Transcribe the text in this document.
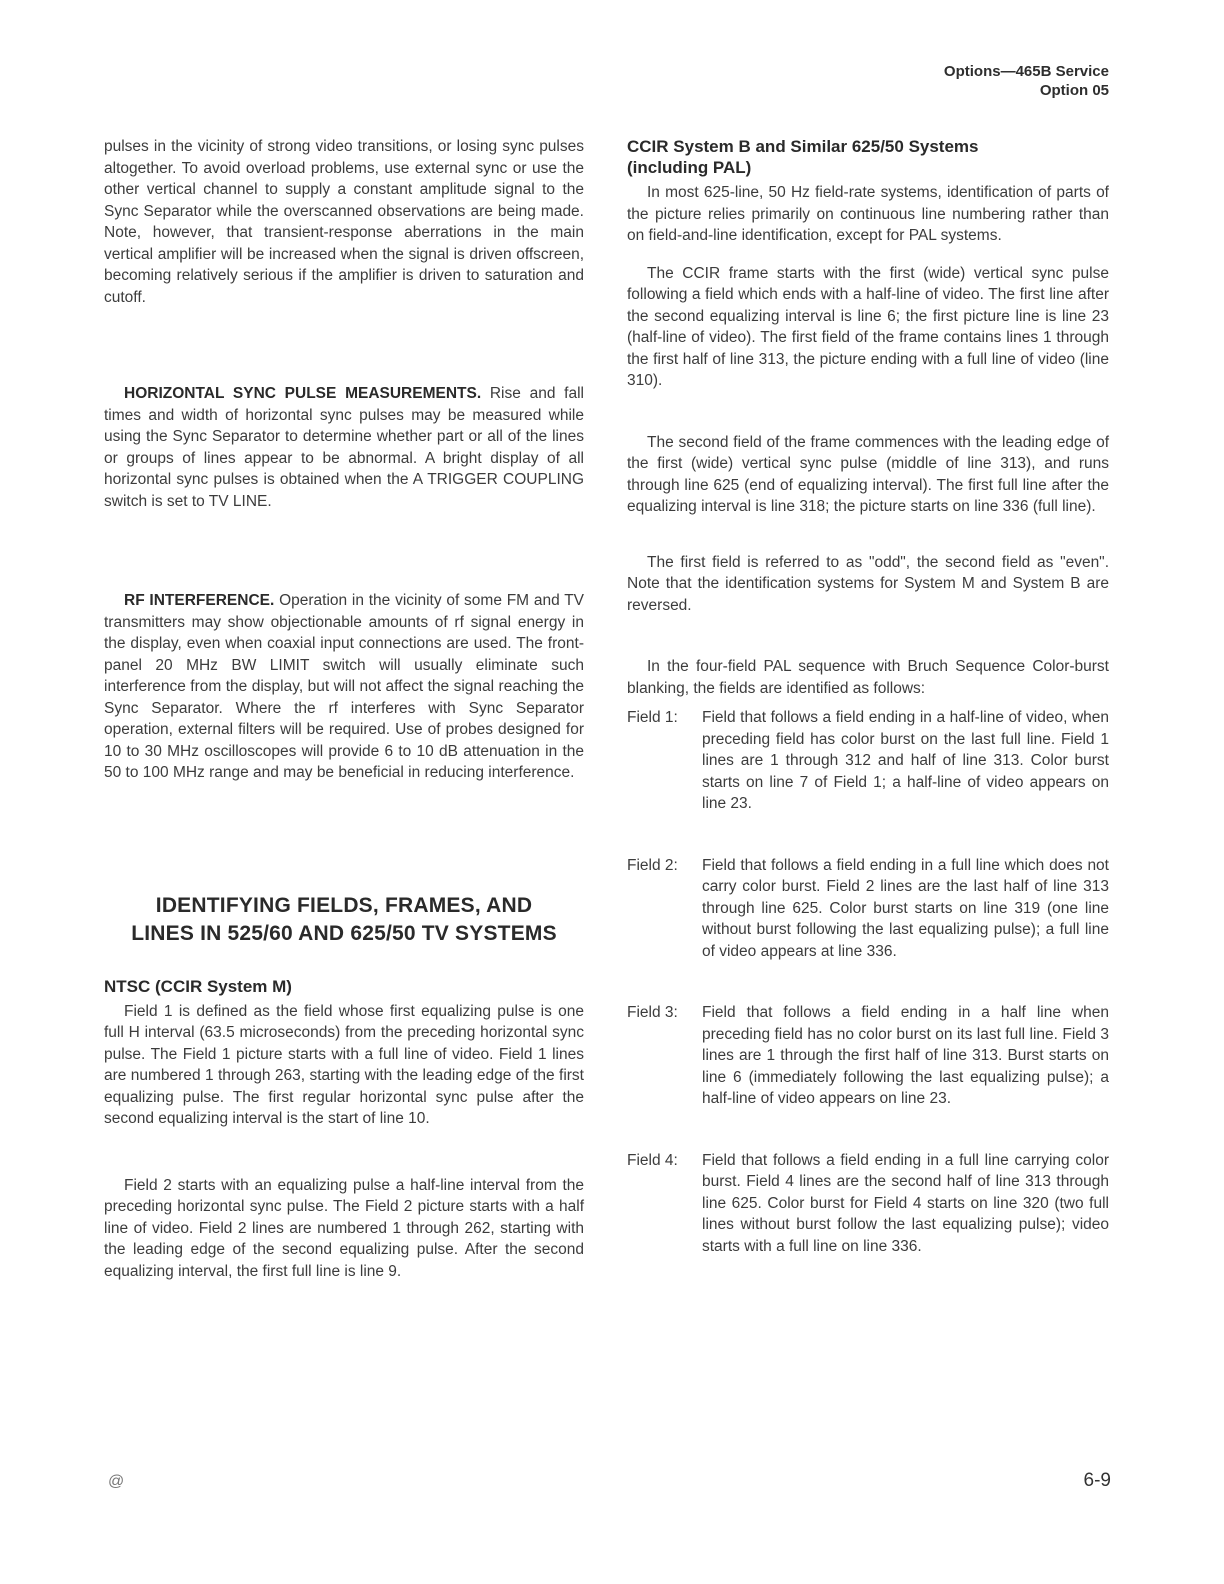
Options—465B Service
Option 05

pulses in the vicinity of strong video transitions, or losing sync pulses altogether. To avoid overload problems, use external sync or use the other vertical channel to supply a constant amplitude signal to the Sync Separator while the overscanned observations are being made. Note, however, that transient-response aberrations in the main vertical amplifier will be increased when the signal is driven offscreen, becoming relatively serious if the amplifier is driven to saturation and cutoff.

HORIZONTAL SYNC PULSE MEASUREMENTS. Rise and fall times and width of horizontal sync pulses may be measured while using the Sync Separator to determine whether part or all of the lines or groups of lines appear to be abnormal. A bright display of all horizontal sync pulses is obtained when the A TRIGGER COUPLING switch is set to TV LINE.

RF INTERFERENCE. Operation in the vicinity of some FM and TV transmitters may show objectionable amounts of rf signal energy in the display, even when coaxial input connections are used. The front-panel 20 MHz BW LIMIT switch will usually eliminate such interference from the display, but will not affect the signal reaching the Sync Separator. Where the rf interferes with Sync Separator operation, external filters will be required. Use of probes designed for 10 to 30 MHz oscilloscopes will provide 6 to 10 dB attenuation in the 50 to 100 MHz range and may be beneficial in reducing interference.

IDENTIFYING FIELDS, FRAMES, AND
LINES IN 525/60 AND 625/50 TV SYSTEMS
NTSC (CCIR System M)

Field 1 is defined as the field whose first equalizing pulse is one full H interval (63.5 microseconds) from the preceding horizontal sync pulse. The Field 1 picture starts with a full line of video. Field 1 lines are numbered 1 through 263, starting with the leading edge of the first equalizing pulse. The first regular horizontal sync pulse after the second equalizing interval is the start of line 10.

Field 2 starts with an equalizing pulse a half-line interval from the preceding horizontal sync pulse. The Field 2 picture starts with a half line of video. Field 2 lines are numbered 1 through 262, starting with the leading edge of the second equalizing pulse. After the second equalizing interval, the first full line is line 9.

CCIR System B and Similar 625/50 Systems
(including PAL)

In most 625-line, 50 Hz field-rate systems, identification of parts of the picture relies primarily on continuous line numbering rather than on field-and-line identification, except for PAL systems.

The CCIR frame starts with the first (wide) vertical sync pulse following a field which ends with a half-line of video. The first line after the second equalizing interval is line 6; the first picture line is line 23 (half-line of video). The first field of the frame contains lines 1 through the first half of line 313, the picture ending with a full line of video (line 310).

The second field of the frame commences with the leading edge of the first (wide) vertical sync pulse (middle of line 313), and runs through line 625 (end of equalizing interval). The first full line after the equalizing interval is line 318; the picture starts on line 336 (full line).

The first field is referred to as "odd", the second field as "even". Note that the identification systems for System M and System B are reversed.

In the four-field PAL sequence with Bruch Sequence Color-burst blanking, the fields are identified as follows:

Field 1:	Field that follows a field ending in a half-line of video, when preceding field has color burst on the last full line. Field 1 lines are 1 through 312 and half of line 313. Color burst starts on line 7 of Field 1; a half-line of video appears on line 23.
Field 2:	Field that follows a field ending in a full line which does not carry color burst. Field 2 lines are the last half of line 313 through line 625. Color burst starts on line 319 (one line without burst following the last equalizing pulse); a full line of video appears at line 336.
Field 3:	Field that follows a field ending in a half line when preceding field has no color burst on its last full line. Field 3 lines are 1 through the first half of line 313. Burst starts on line 6 (immediately following the last equalizing pulse); a half-line of video appears on line 23.
Field 4:	Field that follows a field ending in a full line carrying color burst. Field 4 lines are the second half of line 313 through line 625. Color burst for Field 4 starts on line 320 (two full lines without burst follow the last equalizing pulse); video starts with a full line on line 336.
@	6-9
